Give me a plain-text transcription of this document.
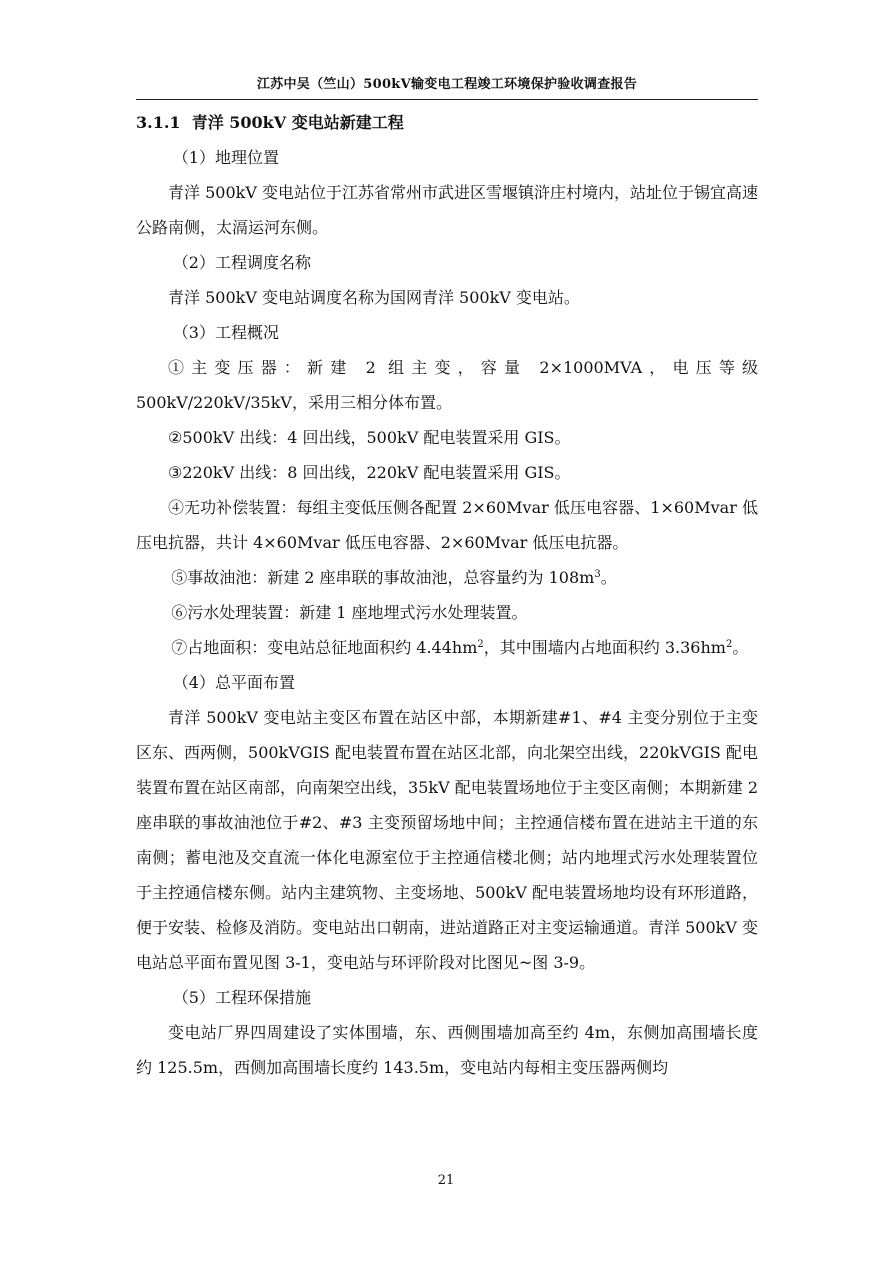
江苏中吴（竺山）500kV输变电工程竣工环境保护验收调查报告

3.1.1 青洋 500kV 变电站新建工程

（1）地理位置

青洋 500kV 变电站位于江苏省常州市武进区雪堰镇浒庄村境内，站址位于锡宜高速公路南侧，太滆运河东侧。

（2）工程调度名称

青洋 500kV 变电站调度名称为国网青洋 500kV 变电站。

（3）工程概况

①主变压器：新建 2 组主变，容量 2×1000MVA，电压等级 500kV/220kV/35kV，采用三相分体布置。

②500kV 出线：4 回出线，500kV 配电装置采用 GIS。

③220kV 出线：8 回出线，220kV 配电装置采用 GIS。

④无功补偿装置：每组主变低压侧各配置 2×60Mvar 低压电容器、1×60Mvar 低压电抗器，共计 4×60Mvar 低压电容器、2×60Mvar 低压电抗器。

⑤事故油池：新建 2 座串联的事故油池，总容量约为 $108m^3$。

⑥污水处理装置：新建 1 座地埋式污水处理装置。

⑦占地面积：变电站总征地面积约 $4.44hm^2$，其中围墙内占地面积约 $3.36hm^2$。

（4）总平面布置

青洋 500kV 变电站主变区布置在站区中部，本期新建#1、#4 主变分别位于主变区东、西两侧，500kVGIS 配电装置布置在站区北部，向北架空出线，220kVGIS 配电装置布置在站区南部，向南架空出线，35kV 配电装置场地位于主变区南侧；本期新建 2 座串联的事故油池位于#2、#3 主变预留场地中间；主控通信楼布置在进站主干道的东南侧；蓄电池及交直流一体化电源室位于主控通信楼北侧；站内地埋式污水处理装置位于主控通信楼东侧。站内主建筑物、主变场地、500kV 配电装置场地均设有环形道路，便于安装、检修及消防。变电站出口朝南，进站道路正对主变运输通道。青洋 500kV 变电站总平面布置见图 3-1，变电站与环评阶段对比图见~图 3-9。

（5）工程环保措施

变电站厂界四周建设了实体围墙，东、西侧围墙加高至约 4m，东侧加高围墙长度约 125.5m，西侧加高围墙长度约 143.5m，变电站内每相主变压器两侧均

21
